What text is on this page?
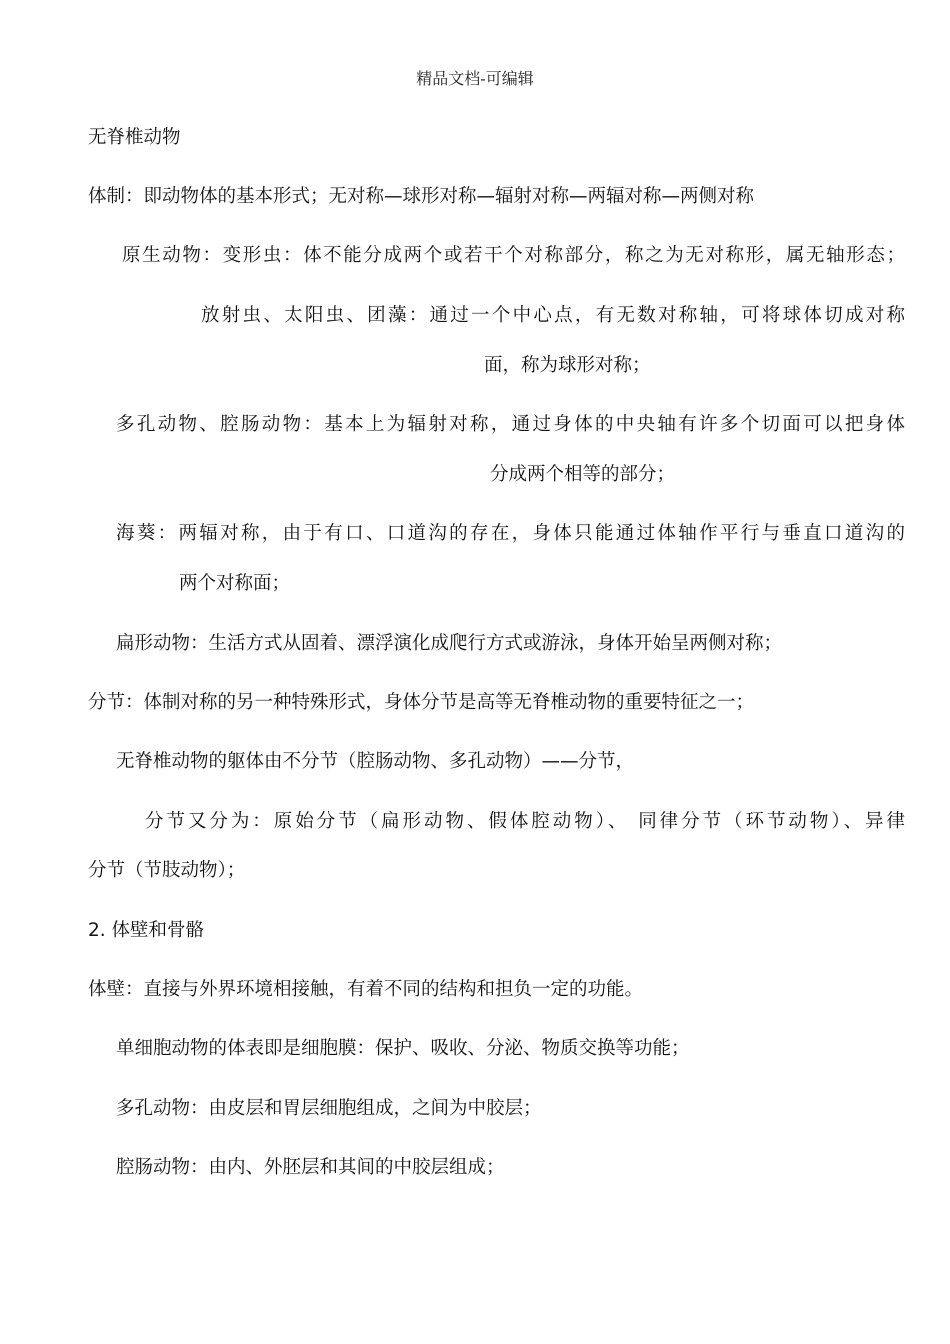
精品文档-可编辑
无脊椎动物
体制：即动物体的基本形式；无对称—球形对称—辐射对称—两辐对称—两侧对称
原生动物：变形虫：体不能分成两个或若干个对称部分，称之为无对称形，属无轴形态；
放射虫、太阳虫、团藻：通过一个中心点，有无数对称轴，可将球体切成对称
面，称为球形对称；
多孔动物、腔肠动物：基本上为辐射对称，通过身体的中央轴有许多个切面可以把身体
分成两个相等的部分；
海葵：两辐对称，由于有口、口道沟的存在，身体只能通过体轴作平行与垂直口道沟的
两个对称面；
扁形动物：生活方式从固着、漂浮演化成爬行方式或游泳，身体开始呈两侧对称；
分节：体制对称的另一种特殊形式，身体分节是高等无脊椎动物的重要特征之一；
无脊椎动物的躯体由不分节（腔肠动物、多孔动物）——分节，
分节又分为：原始分节（扁形动物、假体腔动物）、 同律分节（环节动物）、异律
分节（节肢动物）；
2. 体壁和骨骼
体壁：直接与外界环境相接触，有着不同的结构和担负一定的功能。
单细胞动物的体表即是细胞膜：保护、吸收、分泌、物质交换等功能；
多孔动物：由皮层和胃层细胞组成，之间为中胶层；
腔肠动物：由内、外胚层和其间的中胶层组成；
